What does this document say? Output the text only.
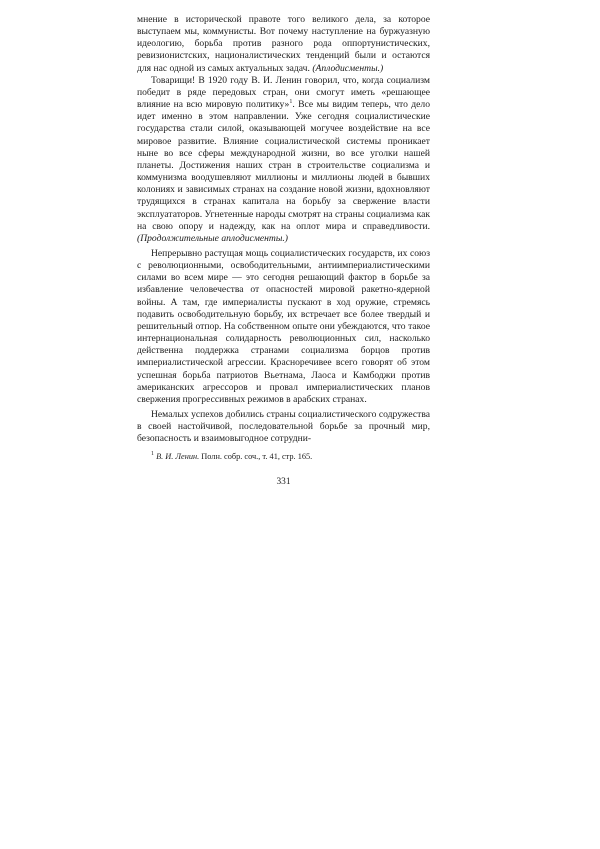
мнение в исторической правоте того великого дела, за которое выступаем мы, коммунисты. Вот почему наступление на буржуазную идеологию, борьба против разного рода оппортунистических, ревизионистских, националистических тенденций были и остаются для нас одной из самых актуальных задач. (Аплодисменты.)

Товарищи! В 1920 году В. И. Ленин говорил, что, когда социализм победит в ряде передовых стран, они смогут иметь «решающее влияние на всю мировую политику»$^1$. Все мы видим теперь, что дело идет именно в этом направлении. Уже сегодня социалистические государства стали силой, оказывающей могучее воздействие на все мировое развитие. Влияние социалистической системы проникает ныне во все сферы международной жизни, во все уголки нашей планеты. Достижения наших стран в строительстве социализма и коммунизма воодушевляют миллионы и миллионы людей в бывших колониях и зависимых странах на создание новой жизни, вдохновляют трудящихся в странах капитала на борьбу за свержение власти эксплуататоров. Угнетенные народы смотрят на страны социализма как на свою опору и надежду, как на оплот мира и справедливости. (Продолжительные аплодисменты.)

Непрерывно растущая мощь социалистических государств, их союз с революционными, освободительными, антиимпериалистическими силами во всем мире — это сегодня решающий фактор в борьбе за избавление человечества от опасностей мировой ракетно-ядерной войны. А там, где империалисты пускают в ход оружие, стремясь подавить освободительную борьбу, их встречает все более твердый и решительный отпор. На собственном опыте они убеждаются, что такое интернациональная солидарность революционных сил, насколько действенна поддержка странами социализма борцов против империалистической агрессии. Красноречивее всего говорят об этом успешная борьба патриотов Вьетнама, Лаоса и Камбоджи против американских агрессоров и провал империалистических планов свержения прогрессивных режимов в арабских странах.

Немалых успехов добились страны социалистического содружества в своей настойчивой, последовательной борьбе за прочный мир, безопасность и взаимовыгодное сотрудни-

$^1$ В. И. Ленин. Полн. собр. соч., т. 41, стр. 165.

331
